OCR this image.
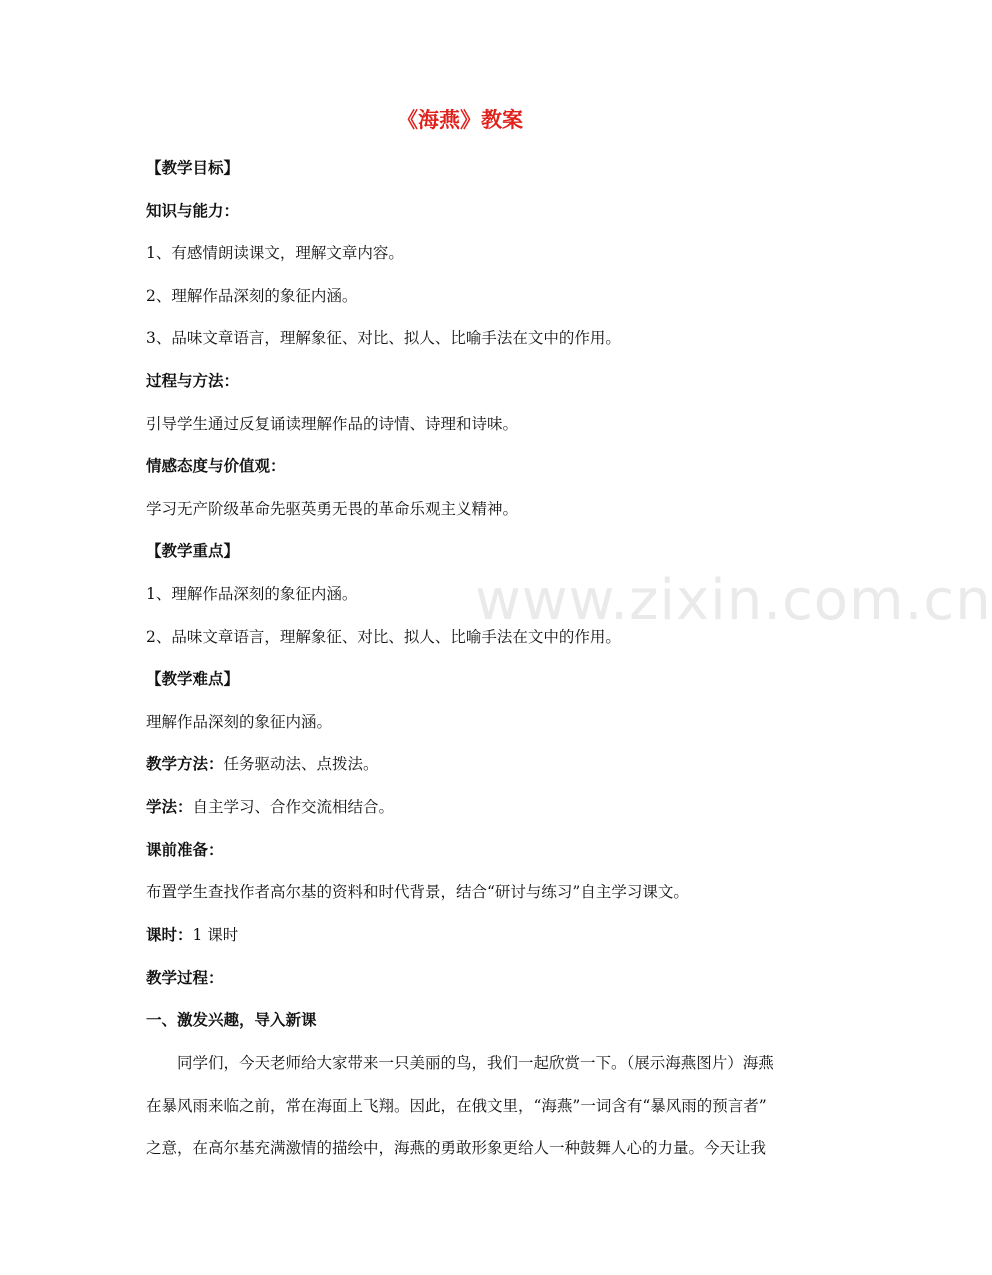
www.zixin.com.cn
《海燕》教案
【教学目标】
知识与能力：
1、有感情朗读课文，理解文章内容。
2、理解作品深刻的象征内涵。
3、品味文章语言，理解象征、对比、拟人、比喻手法在文中的作用。
过程与方法：
引导学生通过反复诵读理解作品的诗情、诗理和诗味。
情感态度与价值观：
学习无产阶级革命先驱英勇无畏的革命乐观主义精神。
【教学重点】
1、理解作品深刻的象征内涵。
2、品味文章语言，理解象征、对比、拟人、比喻手法在文中的作用。
【教学难点】
理解作品深刻的象征内涵。
教学方法：任务驱动法、点拨法。
学法：自主学习、合作交流相结合。
课前准备：
布置学生查找作者高尔基的资料和时代背景，结合“研讨与练习”自主学习课文。
课时：1 课时
教学过程：
一、激发兴趣，导入新课
同学们，今天老师给大家带来一只美丽的鸟，我们一起欣赏一下。（展示海燕图片）海燕
在暴风雨来临之前，常在海面上飞翔。因此，在俄文里，“海燕”一词含有“暴风雨的预言者”
之意，在高尔基充满激情的描绘中，海燕的勇敢形象更给人一种鼓舞人心的力量。今天让我
